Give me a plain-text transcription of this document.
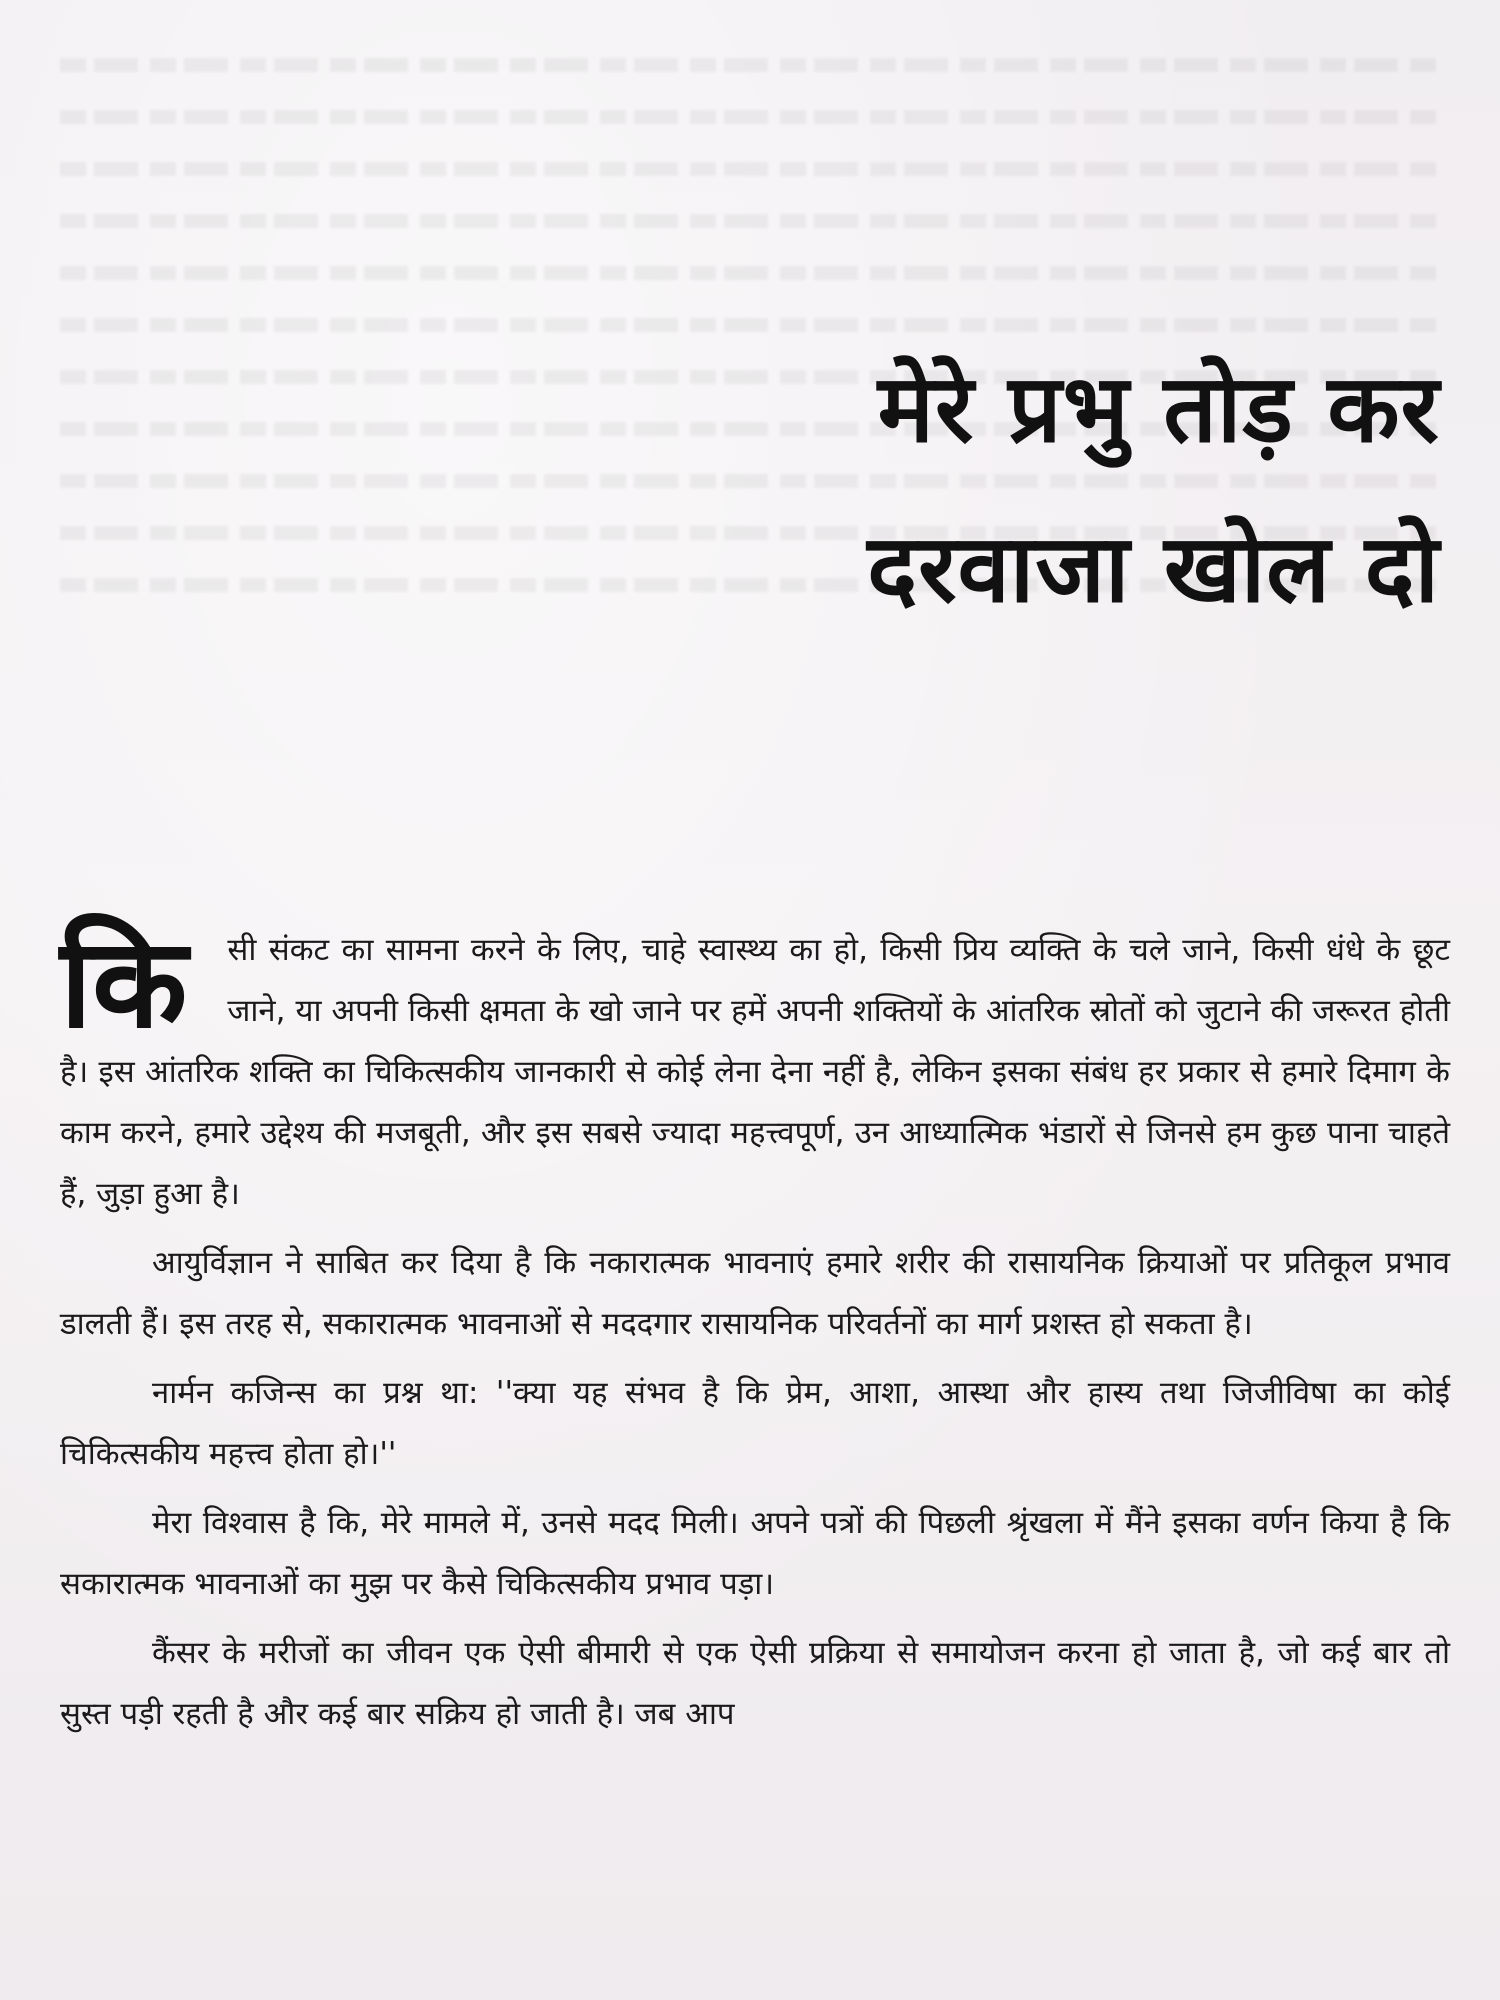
मेरे प्रभु तोड़ कर
दरवाजा खोल दो

कि सी संकट का सामना करने के लिए, चाहे स्वास्थ्य का हो, किसी प्रिय व्यक्ति के चले जाने, किसी धंधे के छूट जाने, या अपनी किसी क्षमता के खो जाने पर हमें अपनी शक्तियों के आंतरिक स्रोतों को जुटाने की जरूरत होती है। इस आंतरिक शक्ति का चिकित्सकीय जानकारी से कोई लेना देना नहीं है, लेकिन इसका संबंध हर प्रकार से हमारे दिमाग के काम करने, हमारे उद्देश्य की मजबूती, और इस सबसे ज्यादा महत्त्वपूर्ण, उन आध्यात्मिक भंडारों से जिनसे हम कुछ पाना चाहते हैं, जुड़ा हुआ है।

आयुर्विज्ञान ने साबित कर दिया है कि नकारात्मक भावनाएं हमारे शरीर की रासायनिक क्रियाओं पर प्रतिकूल प्रभाव डालती हैं। इस तरह से, सकारात्मक भावनाओं से मददगार रासायनिक परिवर्तनों का मार्ग प्रशस्त हो सकता है।

नार्मन कजिन्स का प्रश्न था: ''क्या यह संभव है कि प्रेम, आशा, आस्था और हास्य तथा जिजीविषा का कोई चिकित्सकीय महत्त्व होता हो।''

मेरा विश्वास है कि, मेरे मामले में, उनसे मदद मिली। अपने पत्रों की पिछली श्रृंखला में मैंने इसका वर्णन किया है कि सकारात्मक भावनाओं का मुझ पर कैसे चिकित्सकीय प्रभाव पड़ा।

कैंसर के मरीजों का जीवन एक ऐसी बीमारी से एक ऐसी प्रक्रिया से समायोजन करना हो जाता है, जो कई बार तो सुस्त पड़ी रहती है और कई बार सक्रिय हो जाती है। जब आप
